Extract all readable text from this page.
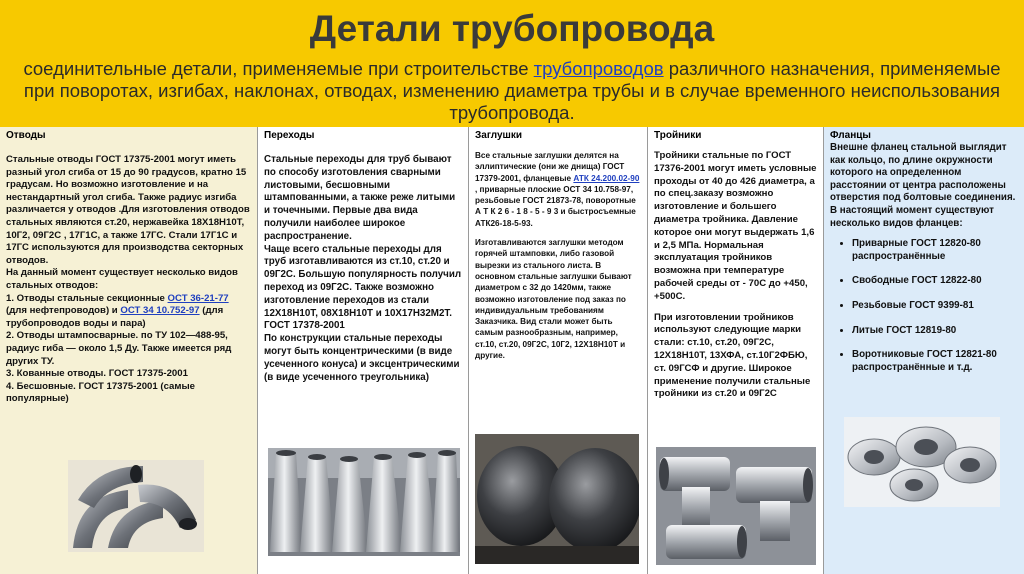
Детали трубопровода
соединительные детали, применяемые при строительстве трубопроводов различного назначения, применяемые при поворотах, изгибах, наклонах, отводах, изменению диаметра трубы и в случае временного неиспользования трубопровода.
Отводы

Стальные отводы ГОСТ 17375-2001 могут иметь разный угол сгиба от 15 до 90 градусов, кратно 15 градусам. Но возможно изготовление и на нестандартный угол сгиба. Также радиус изгиба различается у отводов .Для изготовления отводов стальных являются ст.20, нержавейка 18Х18Н10Т, 10Г2, 09Г2С , 17Г1С, а также 17ГС. Стали 17Г1С и 17ГС используются для производства секторных отводов.

На данный момент существует несколько видов стальных отводов:

1. Отводы стальные секционные ОСТ 36-21-77 (для нефтепроводов) и ОСТ 34 10.752-97 (для трубопроводов воды и пара)

2. Отводы штампосварные. по ТУ 102—488-95, радиус гиба — около 1,5 Ду. Также имеется ряд других ТУ.

3. Кованные отводы. ГОСТ 17375-2001

4. Бесшовные. ГОСТ 17375-2001 (самые популярные)

Переходы

Стальные переходы для труб бывают по способу изготовления сварными листовыми, бесшовными штампованными, а также реже литыми и точечными. Первые два вида получили наиболее широкое распространение.

Чаще всего стальные переходы для труб изготавливаются из ст.10, ст.20 и 09Г2С. Большую популярность получил переход из 09Г2С. Также возможно изготовление переходов из стали 12Х18Н10Т, 08Х18Н10Т и 10Х17Н32М2Т. ГОСТ 17378-2001

По конструкции стальные переходы могут быть концентрическими (в виде усеченного конуса) и эксцентрическими (в виде усеченного треугольника)

Заглушки

Все стальные заглушки делятся на эллиптические (они же днища) ГОСТ 17379-2001, фланцевые АТК 24.200.02-90 , приварные плоские ОСТ 34 10.758-97, резьбовые ГОСТ 21873-78, поворотные А Т К 2 6 - 1 8 - 5 - 9 3 и быстросъемные АТК26-18-5-93.

Изготавливаются заглушки методом горячей штамповки, либо газовой вырезки из стального листа. В основном стальные заглушки бывают диаметром с 32 до 1420мм, также возможно изготовление под заказ по индивидуальным требованиям Заказчика. Вид стали может быть самым разнообразным, например, ст.10, ст.20, 09Г2С, 10Г2, 12Х18Н10Т и другие.

Тройники

Тройники стальные по ГОСТ 17376-2001 могут иметь условные проходы от 40 до 426 диаметра, а по спец.заказу возможно изготовление и большего диаметра тройника. Давление которое они могут выдержать 1,6 и 2,5 МПа. Нормальная эксплуатация тройников возможна при температуре рабочей среды от - 70С до +450, +500С.

При изготовлении тройников используют следующие марки стали: ст.10, ст.20, 09Г2С, 12Х18Н10Т, 13ХФА, ст.10Г2ФБЮ, ст. 09ГСФ и другие. Широкое применение получили стальные тройники из ст.20 и 09Г2С

Фланцы

Внешне фланец стальной выглядит как кольцо, по длине окружности которого на определенном расстоянии от центра расположены отверстия под болтовые соединения. В настоящий момент существуют несколько видов фланцев:

• Приварные ГОСТ 12820-80 распространённые
• Свободные ГОСТ 12822-80
• Резьбовые ГОСТ 9399-81
• Литые ГОСТ 12819-80
• Воротниковые ГОСТ 12821-80 распространённые и т.д.
